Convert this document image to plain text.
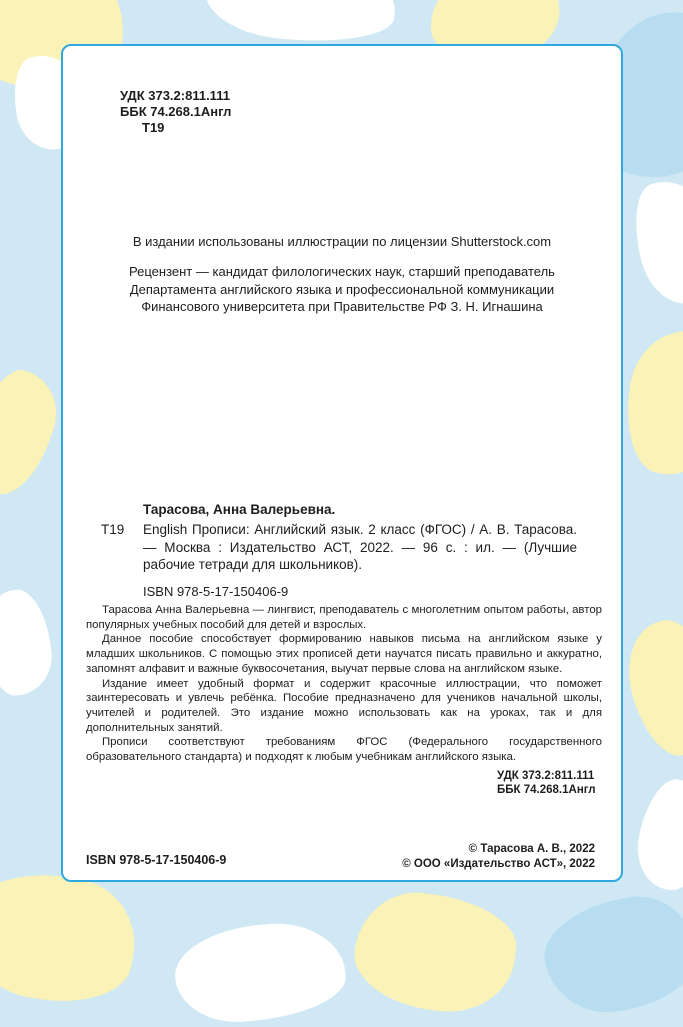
УДК 373.2:811.111
ББК 74.268.1Англ
Т19
В издании использованы иллюстрации по лицензии Shutterstock.com
Рецензент — кандидат филологических наук, старший преподаватель
Департамента английского языка и профессиональной коммуникации
Финансового университета при Правительстве РФ З. Н. Игнашина
Тарасова, Анна Валерьевна.
Т19 English Прописи: Английский язык. 2 класс (ФГОС) / А. В. Тарасова. — Москва : Издательство АСТ, 2022. — 96 с. : ил. — (Лучшие рабочие тетради для школьников).
ISBN 978-5-17-150406-9

Тарасова Анна Валерьевна — лингвист, преподаватель с многолетним опытом работы, автор популярных учебных пособий для детей и взрослых.

Данное пособие способствует формированию навыков письма на английском языке у младших школьников. С помощью этих прописей дети научатся писать правильно и аккуратно, запомнят алфавит и важные буквосочетания, выучат первые слова на английском языке.

Издание имеет удобный формат и содержит красочные иллюстрации, что поможет заинтересовать и увлечь ребёнка. Пособие предназначено для учеников начальной школы, учителей и родителей. Это издание можно использовать как на уроках, так и для дополнительных занятий.

Прописи соответствуют требованиям ФГОС (Федерального государственного образовательного стандарта) и подходят к любым учебникам английского языка.

УДК 373.2:811.111
ББК 74.268.1Англ
ISBN 978-5-17-150406-9
© Тарасова А. В., 2022
© ООО «Издательство АСТ», 2022
